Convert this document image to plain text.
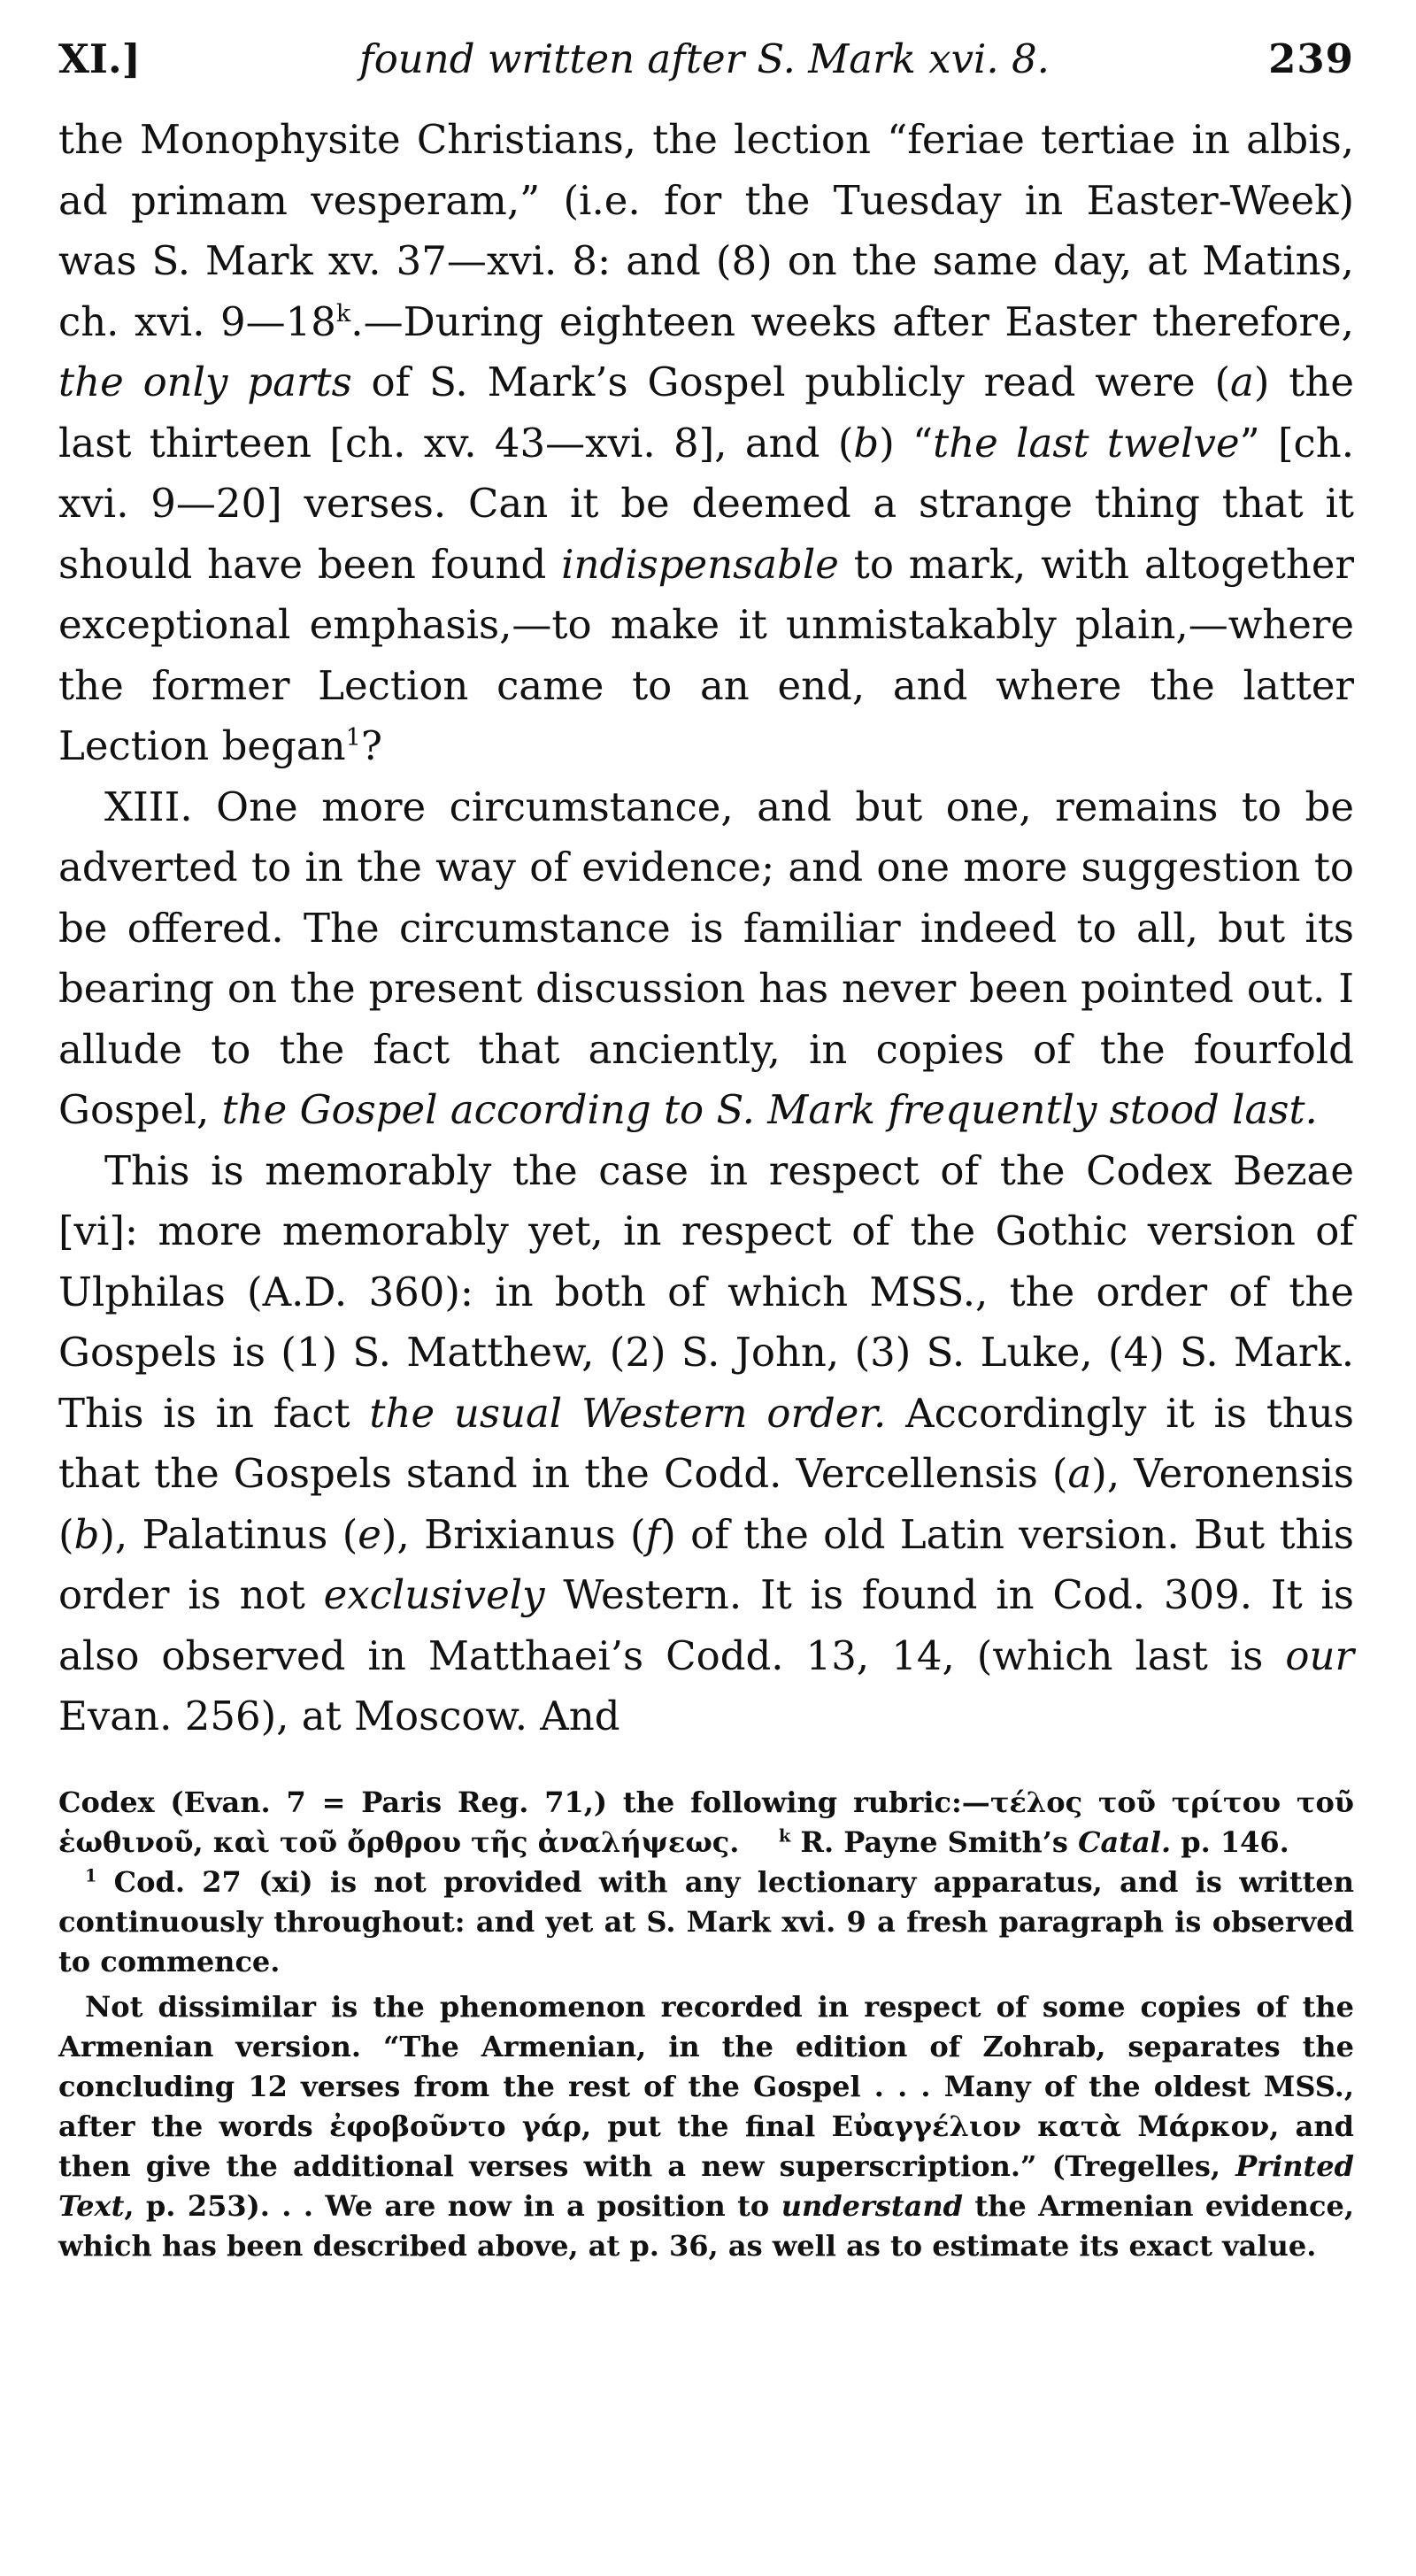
XI.]	found written after S. Mark xvi. 8.	239

the Monophysite Christians, the lection “feriae tertiae in albis, ad primam vesperam,” (i.e. for the Tuesday in Easter-Week) was S. Mark xv. 37—xvi. 8: and (8) on the same day, at Matins, ch. xvi. 9—18$^k$.—During eighteen weeks after Easter therefore, the only parts of S. Mark’s Gospel publicly read were (a) the last thirteen [ch. xv. 43—xvi. 8], and (b) “the last twelve” [ch. xvi. 9—20] verses. Can it be deemed a strange thing that it should have been found indispensable to mark, with altogether exceptional emphasis,—to make it unmistakably plain,—where the former Lection came to an end, and where the latter Lection began$^1$?

XIII. One more circumstance, and but one, remains to be adverted to in the way of evidence; and one more suggestion to be offered. The circumstance is familiar indeed to all, but its bearing on the present discussion has never been pointed out. I allude to the fact that anciently, in copies of the fourfold Gospel, the Gospel according to S. Mark frequently stood last.

This is memorably the case in respect of the Codex Bezae [vi]: more memorably yet, in respect of the Gothic version of Ulphilas (A.D. 360): in both of which MSS., the order of the Gospels is (1) S. Matthew, (2) S. John, (3) S. Luke, (4) S. Mark. This is in fact the usual Western order. Accordingly it is thus that the Gospels stand in the Codd. Vercellensis (a), Veronensis (b), Palatinus (e), Brixianus (f) of the old Latin version. But this order is not exclusively Western. It is found in Cod. 309. It is also observed in Matthaei’s Codd. 13, 14, (which last is our Evan. 256), at Moscow. And

Codex (Evan. 7 = Paris Reg. 71,) the following rubric:—τέλος τοῦ τρίτου τοῦ ἑωθινοῦ, καὶ τοῦ ὄρθρου τῆς ἀναλήψεως. $^k$ R. Payne Smith’s Catal. p. 146.

$^1$ Cod. 27 (xi) is not provided with any lectionary apparatus, and is written continuously throughout: and yet at S. Mark xvi. 9 a fresh paragraph is observed to commence.

Not dissimilar is the phenomenon recorded in respect of some copies of the Armenian version. “The Armenian, in the edition of Zohrab, separates the concluding 12 verses from the rest of the Gospel . . . Many of the oldest MSS., after the words ἐφοβοῦντο γάρ, put the final Εὐαγγέλιον κατὰ Μάρκον, and then give the additional verses with a new superscription.” (Tregelles, Printed Text, p. 253). . . We are now in a position to understand the Armenian evidence, which has been described above, at p. 36, as well as to estimate its exact value.
